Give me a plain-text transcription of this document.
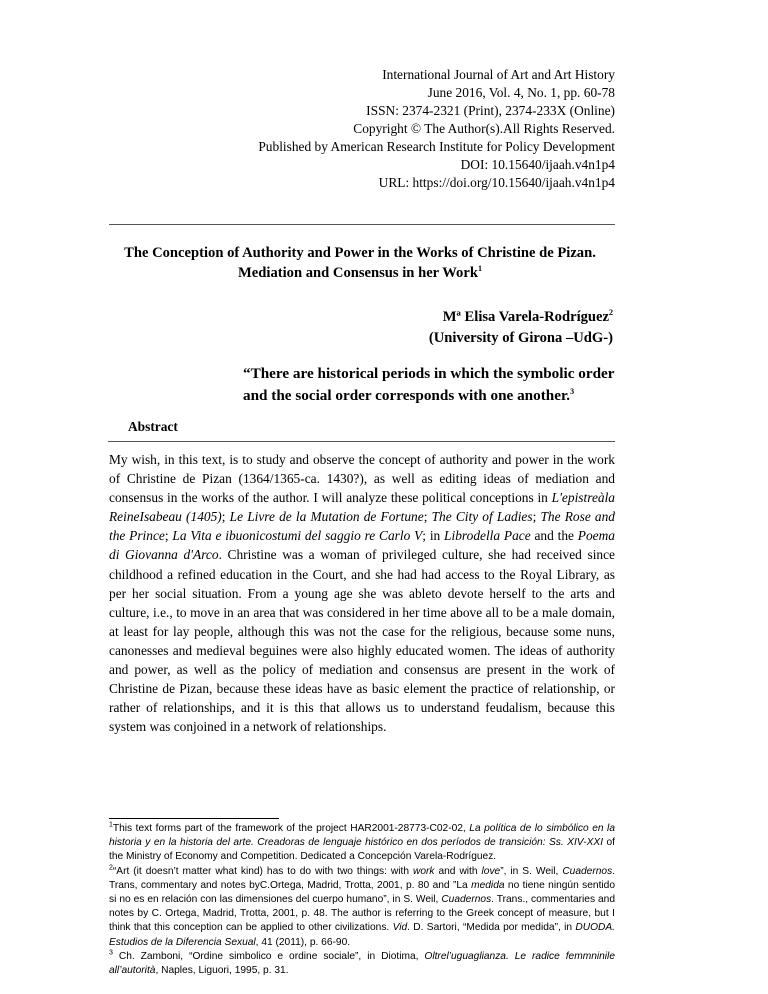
International Journal of Art and Art History
June 2016, Vol. 4, No. 1, pp. 60-78
ISSN: 2374-2321 (Print), 2374-233X (Online)
Copyright © The Author(s).All Rights Reserved.
Published by American Research Institute for Policy Development
DOI: 10.15640/ijaah.v4n1p4
URL: https://doi.org/10.15640/ijaah.v4n1p4
The Conception of Authority and Power in the Works of Christine de Pizan.
Mediation and Consensus in her Work$^1$
Mª Elisa Varela-Rodríguez$^2$
(University of Girona –UdG-)
“There are historical periods in which the symbolic order and the social order corresponds with one another.$^3$
Abstract
My wish, in this text, is to study and observe the concept of authority and power in the work of Christine de Pizan (1364/1365-ca. 1430?), as well as editing ideas of mediation and consensus in the works of the author. I will analyze these political conceptions in L'epistreàla ReineIsabeau (1405); Le Livre de la Mutation de Fortune; The City of Ladies; The Rose and the Prince; La Vita e ibuonicostumi del saggio re Carlo V; in Librodella Pace and the Poema di Giovanna d'Arco. Christine was a woman of privileged culture, she had received since childhood a refined education in the Court, and she had had access to the Royal Library, as per her social situation. From a young age she was ableto devote herself to the arts and culture, i.e., to move in an area that was considered in her time above all to be a male domain, at least for lay people, although this was not the case for the religious, because some nuns, canonesses and medieval beguines were also highly educated women. The ideas of authority and power, as well as the policy of mediation and consensus are present in the work of Christine de Pizan, because these ideas have as basic element the practice of relationship, or rather of relationships, and it is this that allows us to understand feudalism, because this system was conjoined in a network of relationships.

$^1$This text forms part of the framework of the project HAR2001-28773-C02-02, La política de lo simbólico en la historia y en la historia del arte. Creadoras de lenguaje histórico en dos períodos de transición: Ss. XIV-XXI of the Ministry of Economy and Competition. Dedicated a Concepción Varela-Rodríguez.

$^2$“Art (it doesn’t matter what kind) has to do with two things: with work and with love”, in S. Weil, Cuadernos. Trans, commentary and notes byC.Ortega, Madrid, Trotta, 2001, p. 80 and ”La medida no tiene ningún sentido si no es en relación con las dimensiones del cuerpo humano”, in S. Weil, Cuadernos. Trans., commentaries and notes by C. Ortega, Madrid, Trotta, 2001, p. 48. The author is referring to the Greek concept of measure, but I think that this conception can be applied to other civilizations. Vid. D. Sartori, “Medida por medida”, in DUODA. Estudios de la Diferencia Sexual, 41 (2011), p. 66-90.

$^3$ Ch. Zamboni, “Ordine simbolico e ordine sociale”, in Diotima, Oltrel’uguaglianza. Le radice femmninile all’autorità, Naples, Liguori, 1995, p. 31.
